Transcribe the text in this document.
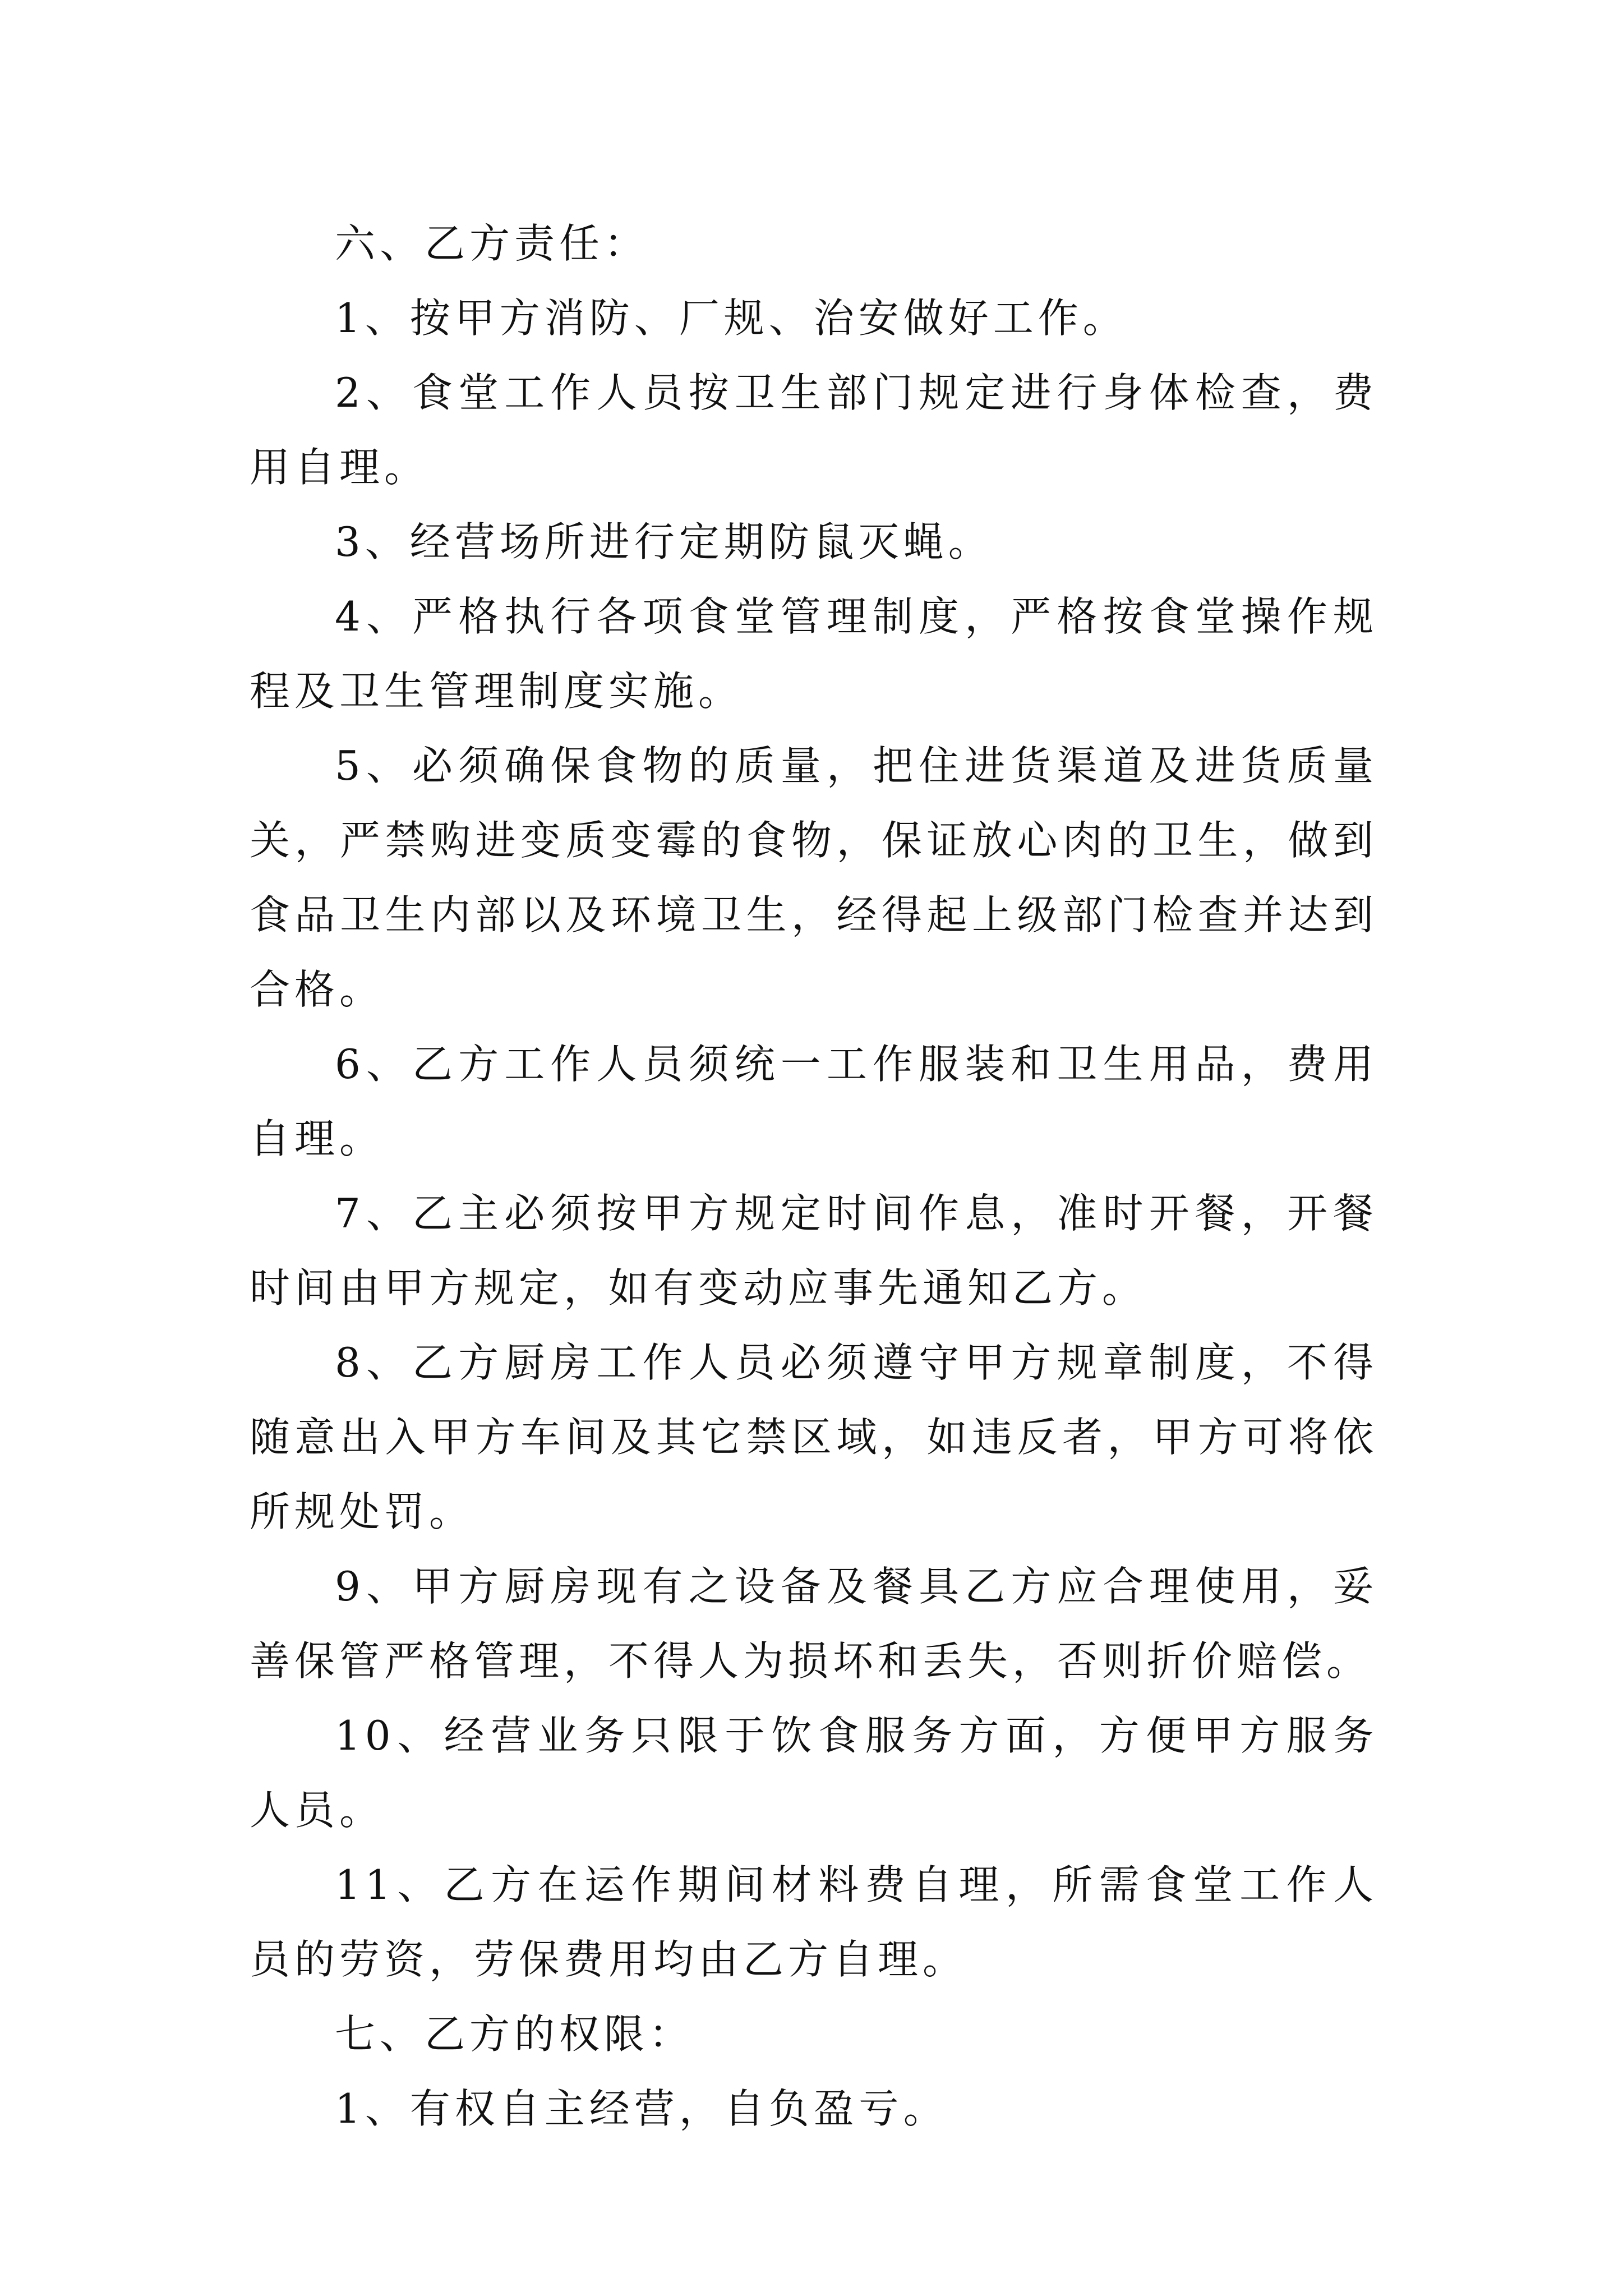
六、乙方责任：

1、按甲方消防、厂规、治安做好工作。

2、食堂工作人员按卫生部门规定进行身体检查，费用自理。

3、经营场所进行定期防鼠灭蝇。

4、严格执行各项食堂管理制度，严格按食堂操作规程及卫生管理制度实施。

5、必须确保食物的质量，把住进货渠道及进货质量关，严禁购进变质变霉的食物，保证放心肉的卫生，做到食品卫生内部以及环境卫生，经得起上级部门检查并达到合格。

6、乙方工作人员须统一工作服装和卫生用品，费用自理。

7、乙主必须按甲方规定时间作息，准时开餐，开餐时间由甲方规定，如有变动应事先通知乙方。

8、乙方厨房工作人员必须遵守甲方规章制度，不得随意出入甲方车间及其它禁区域，如违反者，甲方可将依所规处罚。

9、甲方厨房现有之设备及餐具乙方应合理使用，妥善保管严格管理，不得人为损坏和丢失，否则折价赔偿。

10、经营业务只限于饮食服务方面，方便甲方服务人员。

11、乙方在运作期间材料费自理，所需食堂工作人员的劳资，劳保费用均由乙方自理。

七、乙方的权限：

1、有权自主经营，自负盈亏。
